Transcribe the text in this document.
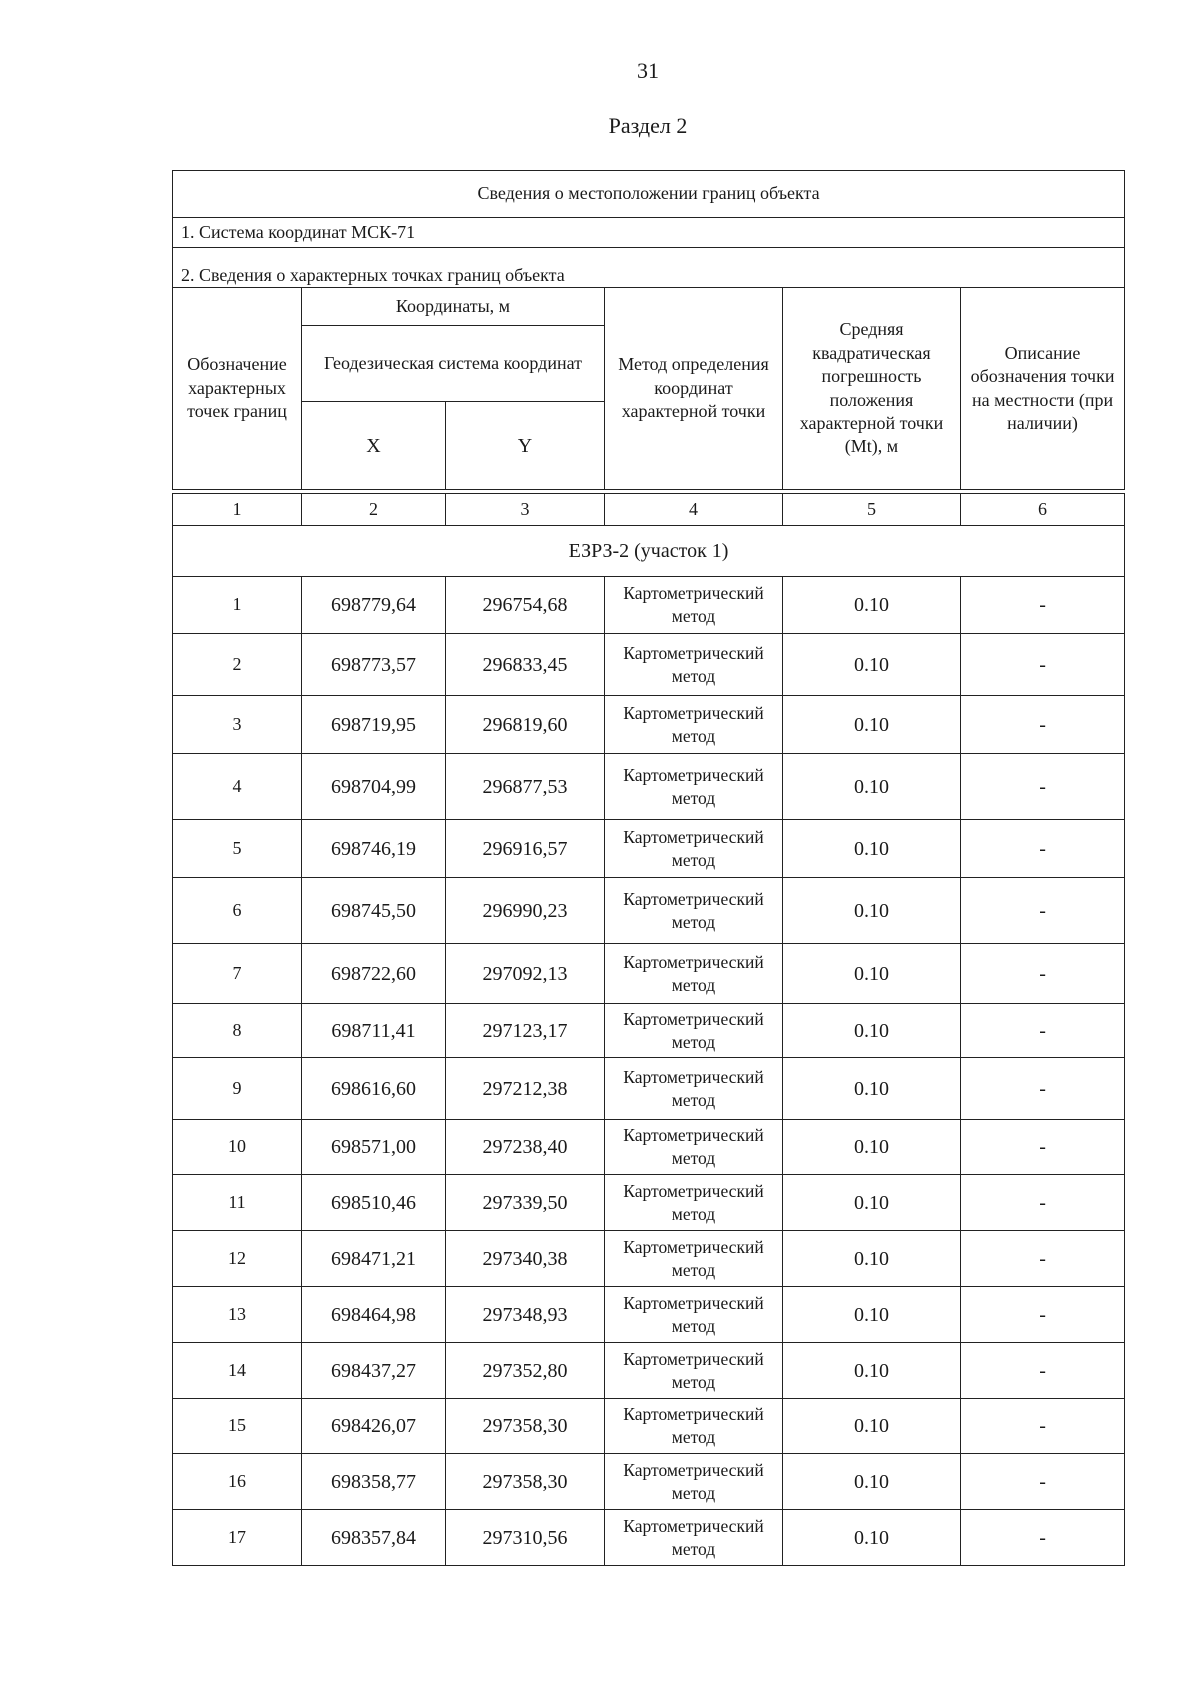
31
Раздел 2
Сведения о местоположении границ объекта					
1. Система координат МСК-71					
2. Сведения о характерных точках границ объекта					
Обозначение характерных точек границ	Координаты, м		Метод определения координат характерной точки	Средняя квадратическая погрешность положения характерной точки (Mt), м	Описание обозначения точки на местности (при наличии)
	Геодезическая система координат				
	X	Y			

1	2	3	4	5	6
ЕЗРЗ-2 (участок 1)					
1	698779,64	296754,68	Картометрический метод	0.10	-
2	698773,57	296833,45	Картометрический метод	0.10	-
3	698719,95	296819,60	Картометрический метод	0.10	-
4	698704,99	296877,53	Картометрический метод	0.10	-
5	698746,19	296916,57	Картометрический метод	0.10	-
6	698745,50	296990,23	Картометрический метод	0.10	-
7	698722,60	297092,13	Картометрический метод	0.10	-
8	698711,41	297123,17	Картометрический метод	0.10	-
9	698616,60	297212,38	Картометрический метод	0.10	-
10	698571,00	297238,40	Картометрический метод	0.10	-
11	698510,46	297339,50	Картометрический метод	0.10	-
12	698471,21	297340,38	Картометрический метод	0.10	-
13	698464,98	297348,93	Картометрический метод	0.10	-
14	698437,27	297352,80	Картометрический метод	0.10	-
15	698426,07	297358,30	Картометрический метод	0.10	-
16	698358,77	297358,30	Картометрический метод	0.10	-
17	698357,84	297310,56	Картометрический метод	0.10	-
